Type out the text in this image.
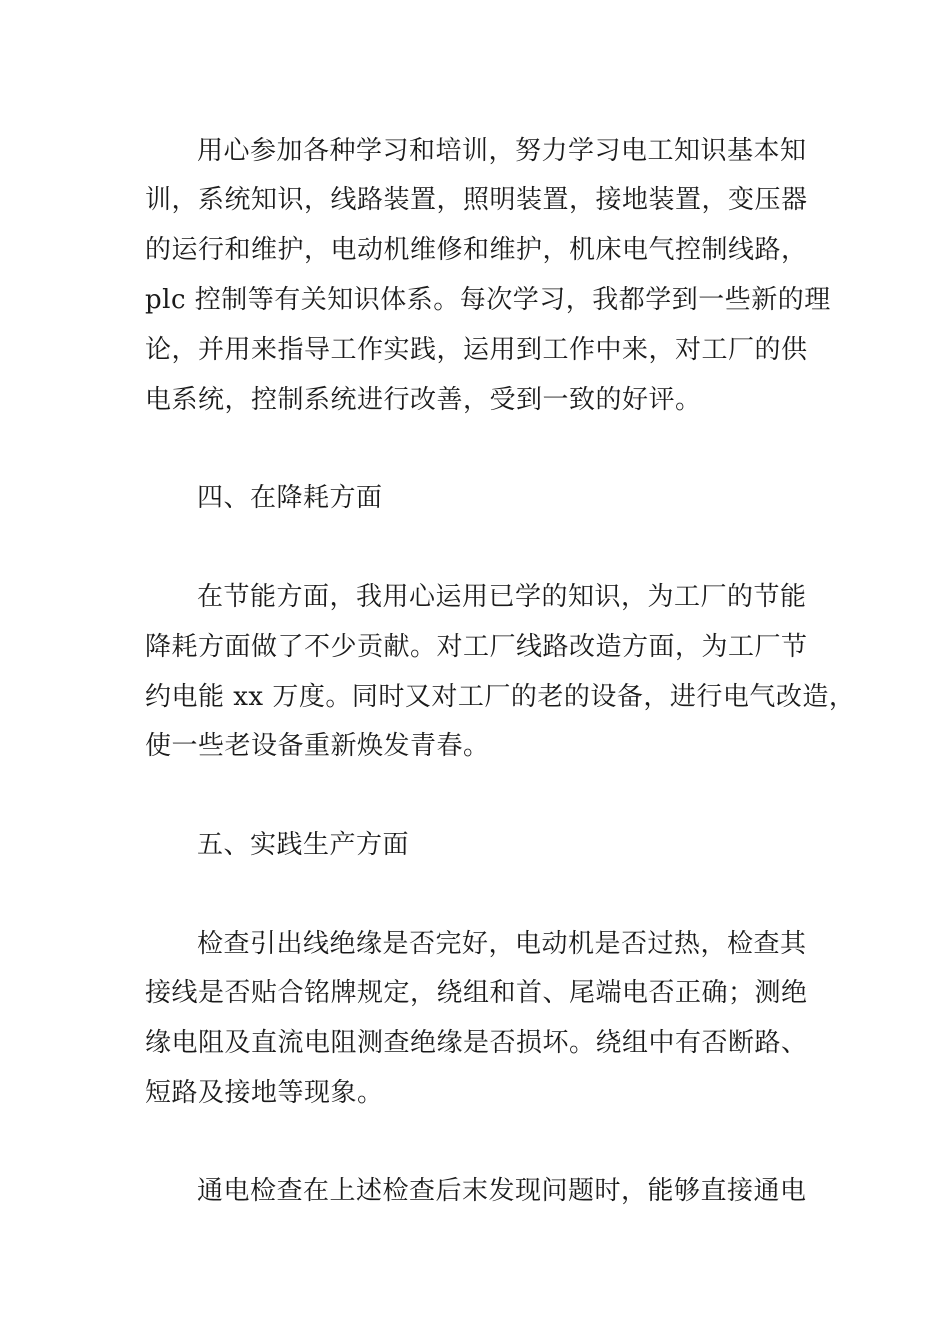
用心参加各种学习和培训，努力学习电工知识基本知
训，系统知识，线路装置，照明装置，接地装置，变压器
的运行和维护，电动机维修和维护，机床电气控制线路，
plc 控制等有关知识体系。每次学习，我都学到一些新的理
论，并用来指导工作实践，运用到工作中来，对工厂的供
电系统，控制系统进行改善，受到一致的好评。
四、在降耗方面
在节能方面，我用心运用已学的知识，为工厂的节能
降耗方面做了不少贡献。对工厂线路改造方面，为工厂节
约电能 xx 万度。同时又对工厂的老的设备，进行电气改造，
使一些老设备重新焕发青春。
五、实践生产方面
检查引出线绝缘是否完好，电动机是否过热，检查其
接线是否贴合铭牌规定，绕组和首、尾端电否正确；测绝
缘电阻及直流电阻测查绝缘是否损坏。绕组中有否断路、
短路及接地等现象。
通电检查在上述检查后末发现问题时，能够直接通电
